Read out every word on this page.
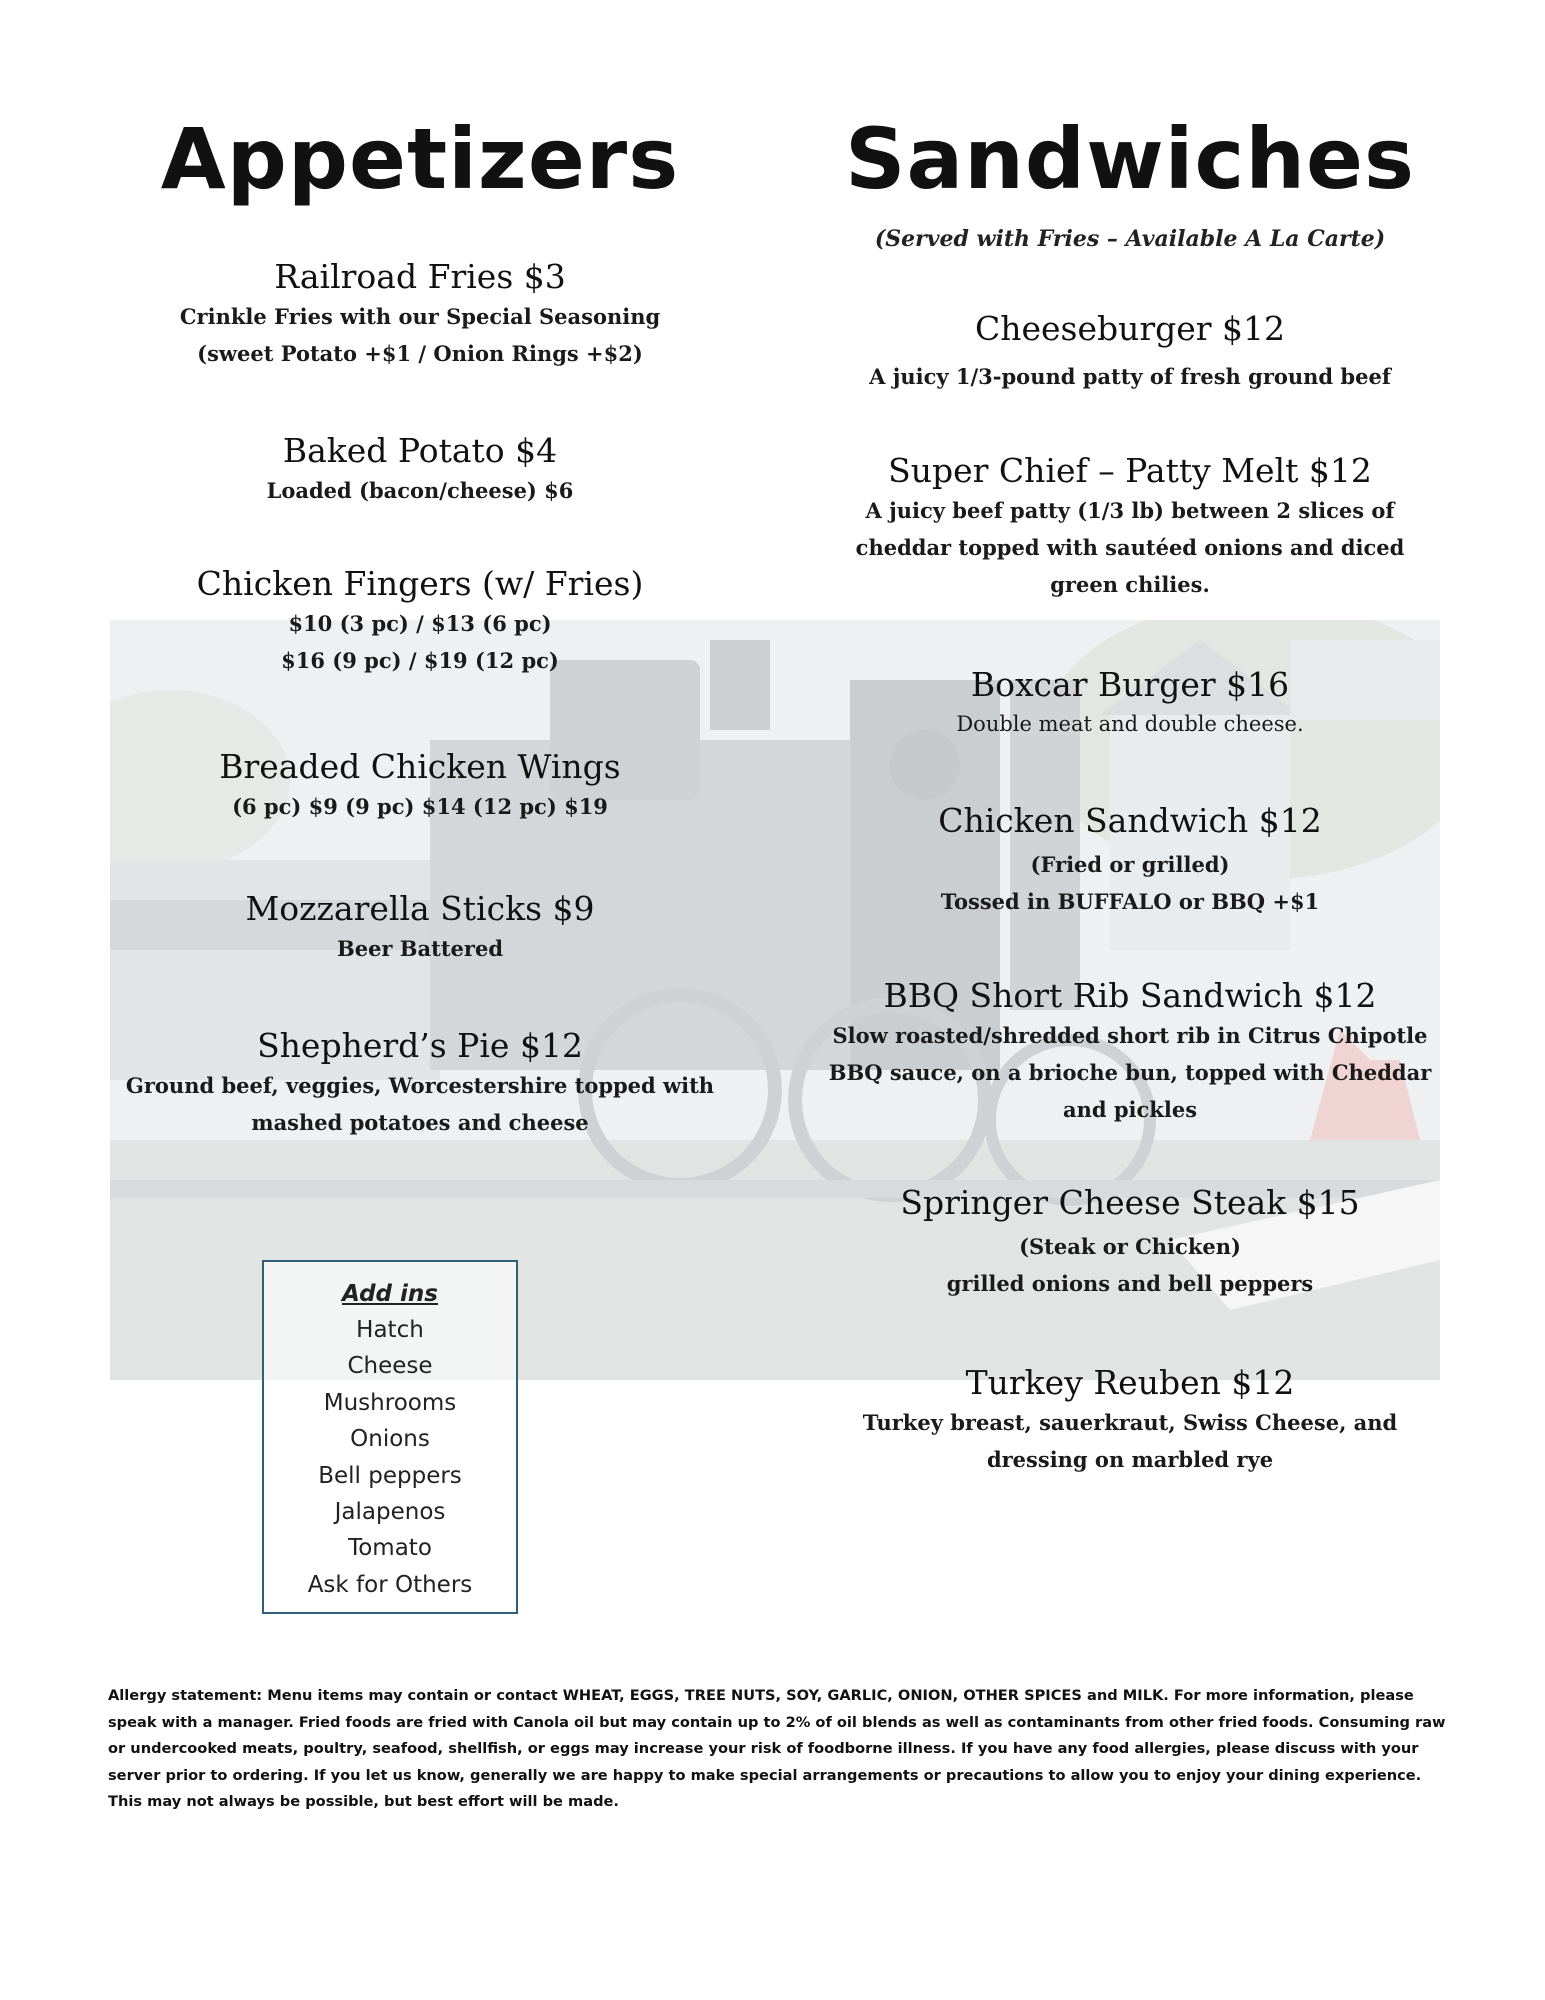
Appetizers	Sandwiches

(Served with Fries – Available A La Carte)

Railroad Fries $3

Crinkle Fries with our Special Seasoning

(sweet Potato +$1 / Onion Rings +$2)

Baked Potato $4

Loaded (bacon/cheese) $6

Chicken Fingers (w/ Fries)

$10 (3 pc) / $13 (6 pc)

$16 (9 pc) / $19 (12 pc)

Breaded Chicken Wings

(6 pc) $9 (9 pc) $14 (12 pc) $19

Mozzarella Sticks $9

Beer Battered

Shepherd’s Pie $12

Ground beef, veggies, Worcestershire topped with

mashed potatoes and cheese

Add ins

Hatch
Cheese
Mushrooms
Onions
Bell peppers
Jalapenos
Tomato
Ask for Others

Cheeseburger $12

A juicy 1/3-pound patty of fresh ground beef

Super Chief – Patty Melt $12

A juicy beef patty (1/3 lb) between 2 slices of

cheddar topped with sautéed onions and diced

green chilies.

Boxcar Burger $16

Double meat and double cheese.

Chicken Sandwich $12

(Fried or grilled)

Tossed in BUFFALO or BBQ +$1

BBQ Short Rib Sandwich $12

Slow roasted/shredded short rib in Citrus Chipotle

BBQ sauce, on a brioche bun, topped with Cheddar

and pickles

Springer Cheese Steak $15

(Steak or Chicken)

grilled onions and bell peppers

Turkey Reuben $12

Turkey breast, sauerkraut, Swiss Cheese, and

dressing on marbled rye

Allergy statement: Menu items may contain or contact WHEAT, EGGS, TREE NUTS, SOY, GARLIC, ONION, OTHER SPICES and MILK. For more information, please speak with a manager. Fried foods are fried with Canola oil but may contain up to 2% of oil blends as well as contaminants from other fried foods. Consuming raw or undercooked meats, poultry, seafood, shellfish, or eggs may increase your risk of foodborne illness. If you have any food allergies, please discuss with your server prior to ordering. If you let us know, generally we are happy to make special arrangements or precautions to allow you to enjoy your dining experience. This may not always be possible, but best effort will be made.
